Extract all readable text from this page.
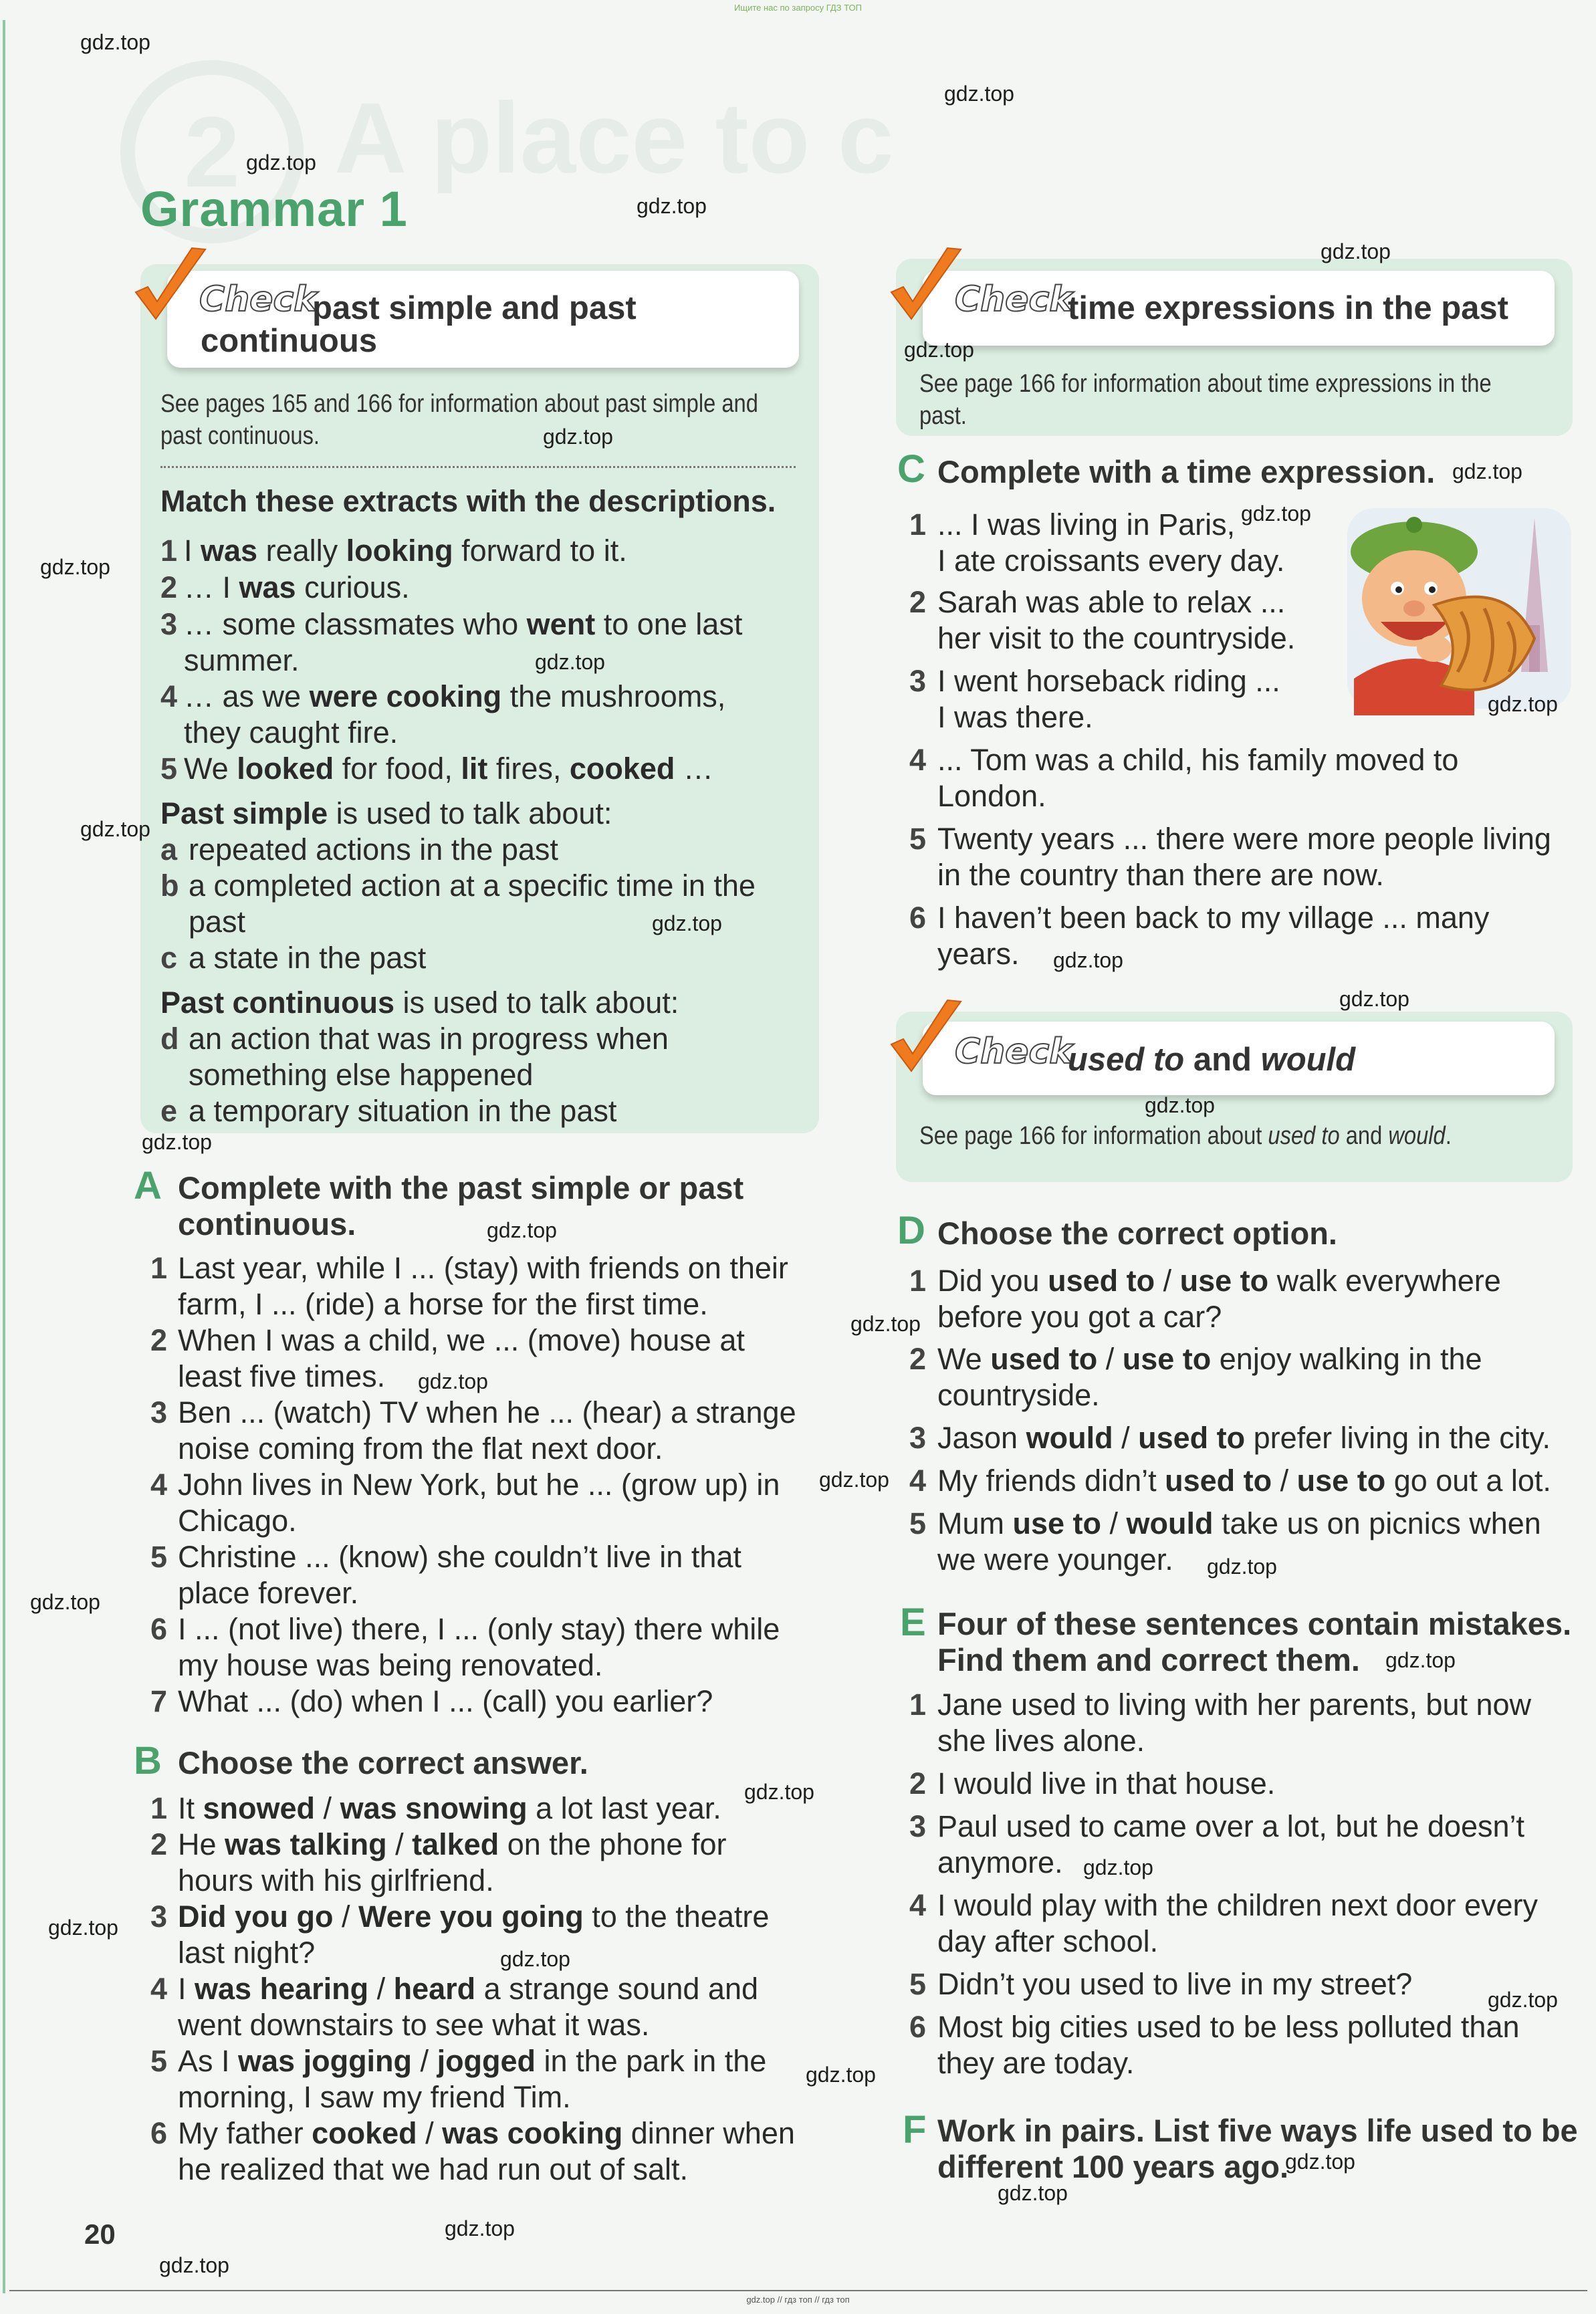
Ищите нас по запросу ГДЗ ТОП
gdz.top // гдз топ // гдз топ
2 A place to c
Grammar 1
Check
past simple and past
continuous
See pages 165 and 166 for information about past simple and
past continuous.
Match these extracts with the descriptions.
1 I was really looking forward to it.
2 … I was curious.
3 … some classmates who went to one last
summer.
4 … as we were cooking the mushrooms,
they caught fire.
5 We looked for food, lit fires, cooked …
Past simple is used to talk about:
a repeated actions in the past
b a completed action at a specific time in the
past
c a state in the past
Past continuous is used to talk about:
d an action that was in progress when
something else happened
e a temporary situation in the past
A Complete with the past simple or past
continuous.
1 Last year, while I ... (stay) with friends on their
farm, I ... (ride) a horse for the first time.
2 When I was a child, we ... (move) house at
least five times.
3 Ben ... (watch) TV when he ... (hear) a strange
noise coming from the flat next door.
4 John lives in New York, but he ... (grow up) in
Chicago.
5 Christine ... (know) she couldn’t live in that
place forever.
6 I ... (not live) there, I ... (only stay) there while
my house was being renovated.
7 What ... (do) when I ... (call) you earlier?
B Choose the correct answer.
1 It snowed / was snowing a lot last year.
2 He was talking / talked on the phone for
hours with his girlfriend.
3 Did you go / Were you going to the theatre
last night?
4 I was hearing / heard a strange sound and
went downstairs to see what it was.
5 As I was jogging / jogged in the park in the
morning, I saw my friend Tim.
6 My father cooked / was cooking dinner when
he realized that we had run out of salt.
20
Check
time expressions in the past
See page 166 for information about time expressions in the past.
C Complete with a time expression.
1 ... I was living in Paris,
I ate croissants every day.
2 Sarah was able to relax ...
her visit to the countryside.
3 I went horseback riding ...
I was there.
4 ... Tom was a child, his family moved to
London.
5 Twenty years ... there were more people living
in the country than there are now.
6 I haven’t been back to my village ... many
years.
Check
used to and would
See page 166 for information about used to and would.
D Choose the correct option.
1 Did you used to / use to walk everywhere
before you got a car?
2 We used to / use to enjoy walking in the
countryside.
3 Jason would / used to prefer living in the city.
4 My friends didn’t used to / use to go out a lot.
5 Mum use to / would take us on picnics when
we were younger.
E Four of these sentences contain mistakes.
Find them and correct them.
1 Jane used to living with her parents, but now
she lives alone.
2 I would live in that house.
3 Paul used to came over a lot, but he doesn’t
anymore.
4 I would play with the children next door every
day after school.
5 Didn’t you used to live in my street?
6 Most big cities used to be less polluted than
they are today.
F Work in pairs. List five ways life used to be
different 100 years ago.
gdz.top
gdz.top
gdz.top
gdz.top
gdz.top
gdz.top
gdz.top
gdz.top
gdz.top
gdz.top
gdz.top
gdz.top
gdz.top
gdz.top
gdz.top
gdz.top
gdz.top
gdz.top
gdz.top
gdz.top
gdz.top
gdz.top
gdz.top
gdz.top
gdz.top
gdz.top
gdz.top
gdz.top
gdz.top
gdz.top
gdz.top
gdz.top
gdz.top
gdz.top
gdz.top
